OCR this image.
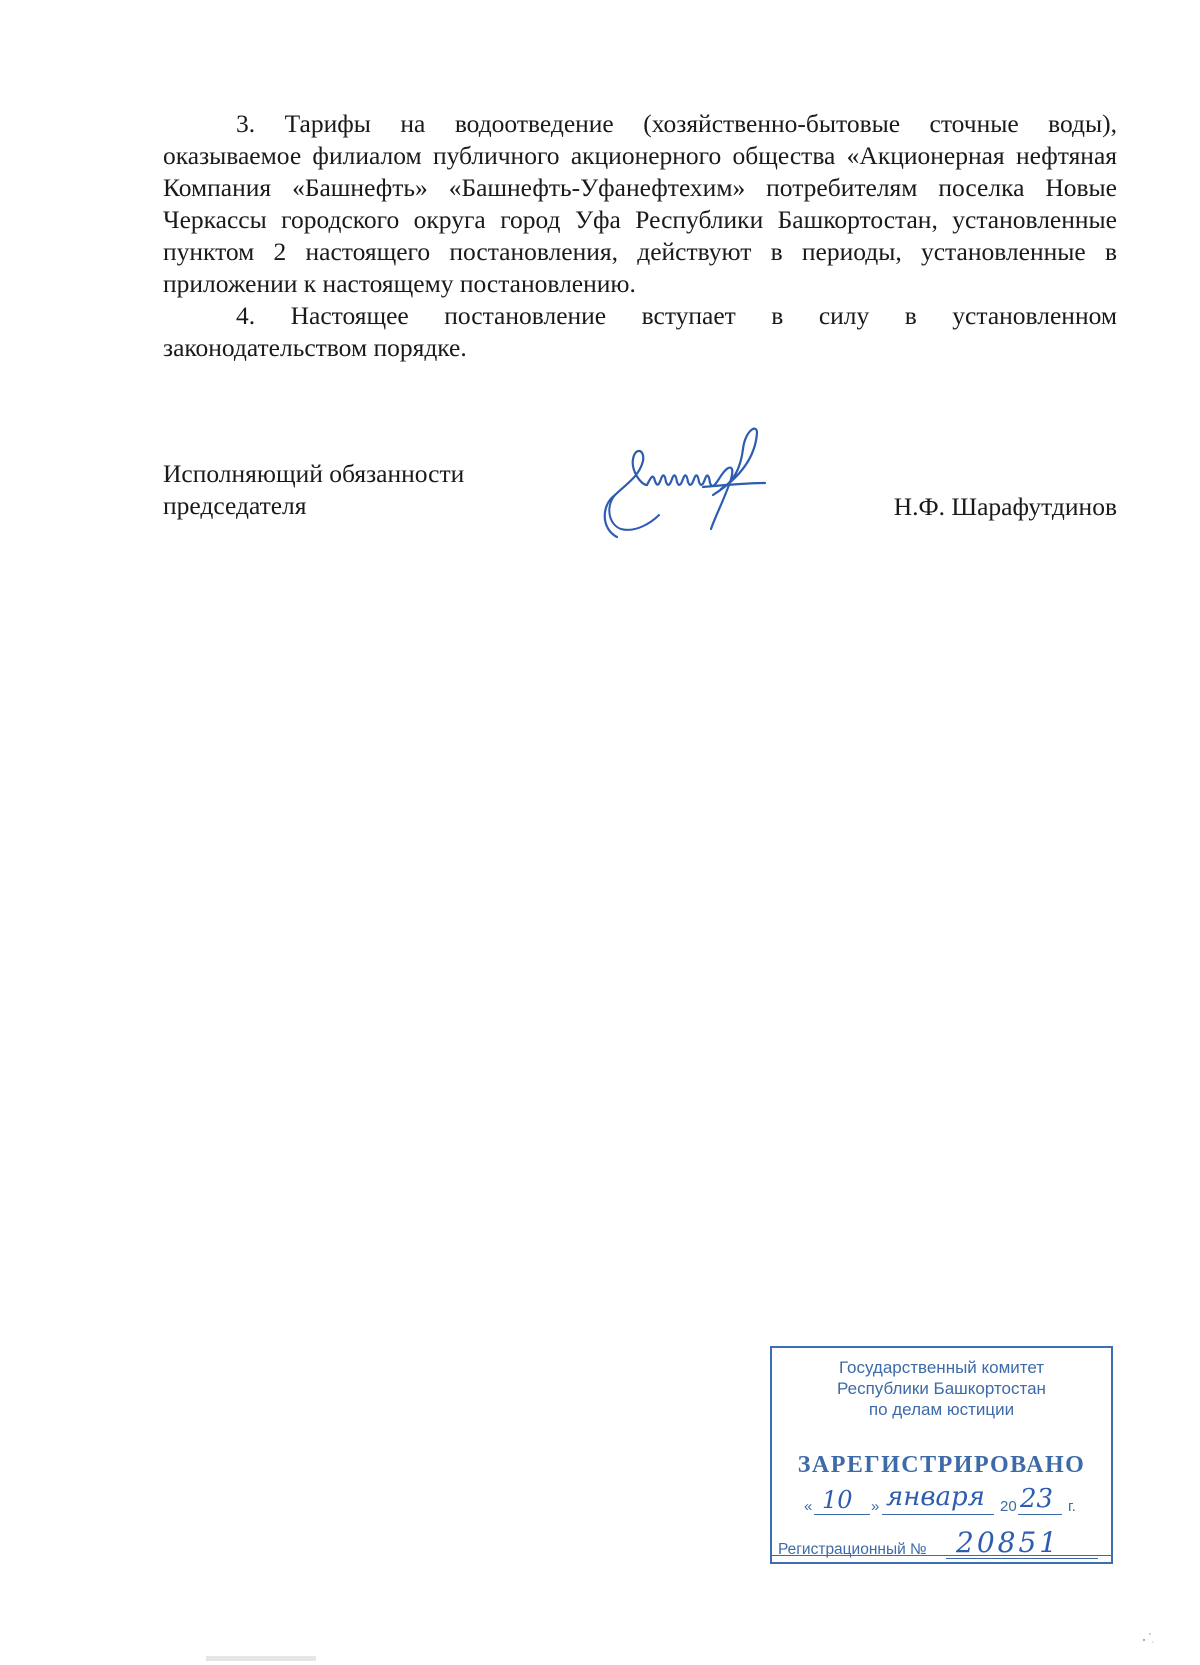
3. Тарифы на водоотведение (хозяйственно-бытовые сточные воды), оказываемое филиалом публичного акционерного общества «Акционерная нефтяная Компания «Башнефть» «Башнефть-Уфанефтехим» потребителям поселка Новые Черкассы городского округа город Уфа Республики Башкортостан, установленные пунктом 2 настоящего постановления, действуют в периоды, установленные в приложении к настоящему постановлению.

4. Настоящее постановление вступает в силу в установленном законодательством порядке.

Исполняющий обязанности
председателя	Н.Ф. Шарафутдинов
Государственный комитет
Республики Башкортостан
по делам юстиции
ЗАРЕГИСТРИРОВАНО
« 10 » января 20 23 г.
Регистрационный № 20851
